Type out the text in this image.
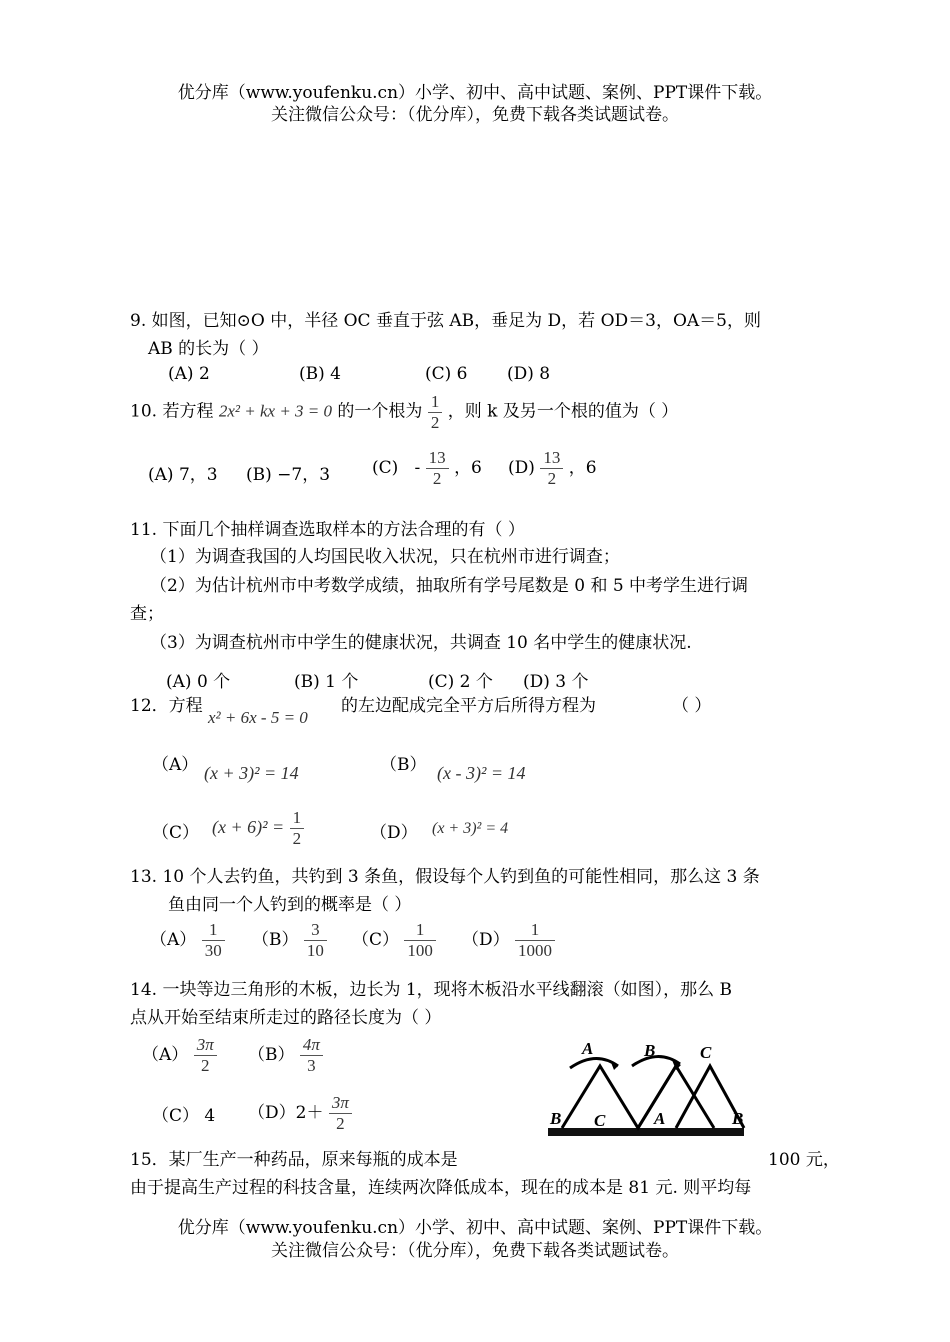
优分库（www.youfenku.cn）小学、初中、高中试题、案例、PPT课件下载。
关注微信公众号：（优分库），免费下载各类试题试卷。
9. 如图，已知⊙O 中，半径 OC 垂直于弦 AB，垂足为 D，若 OD＝3，OA＝5，则
AB 的长为（ ）
(A) 2	(B) 4	(C) 6 (D) 8
10. 若方程 2x² + kx + 3 = 0 的一个根为 $\frac{1}{2}$ ，则 k 及另一个根的值为（ ）
(A) 7，3 (B) −7，3 $(C) - \frac{13}{2}$ ，6 $(D) \frac{13}{2}$ ，6
11. 下面几个抽样调查选取样本的方法合理的有（ ）
（1）为调查我国的人均国民收入状况，只在杭州市进行调查；
（2）为估计杭州市中考数学成绩，抽取所有学号尾数是 0 和 5 中考学生进行调
查；
（3）为调查杭州市中学生的健康状况，共调查 10 名中学生的健康状况.
(A) 0 个	(B) 1 个	(C) 2 个 (D) 3 个
12．方程
x² + 6x - 5 = 0
的左边配成完全平方后所得方程为	（ ）
（A） (x + 3)² = 14	（B） (x - 3)² = 14
（C） $(x + 6)^2 = \frac{1}{2}$	（D） (x + 3)² = 4
13. 10 个人去钓鱼，共钓到 3 条鱼，假设每个人钓到鱼的可能性相同，那么这 3 条
鱼由同一个人钓到的概率是（ ）
$(A) \frac{1}{30} (B) \frac{3}{10} (C) \frac{1}{100} (D) \frac{1}{1000}$
14. 一块等边三角形的木板，边长为 1，现将木板沿水平线翻滚（如图），那么 B
点从开始至结束所走过的路径长度为（ ）
$(A) \frac{3\pi}{2} (B) \frac{4\pi}{3}$
（C） 4 $(D)2+ \frac{3\pi}{2}$
A	B	C
B C	A	B
15．某厂生产一种药品，原来每瓶的成本是	100 元，
由于提高生产过程的科技含量，连续两次降低成本，现在的成本是 81 元. 则平均每
优分库（www.youfenku.cn）小学、初中、高中试题、案例、PPT课件下载。
关注微信公众号：（优分库），免费下载各类试题试卷。
